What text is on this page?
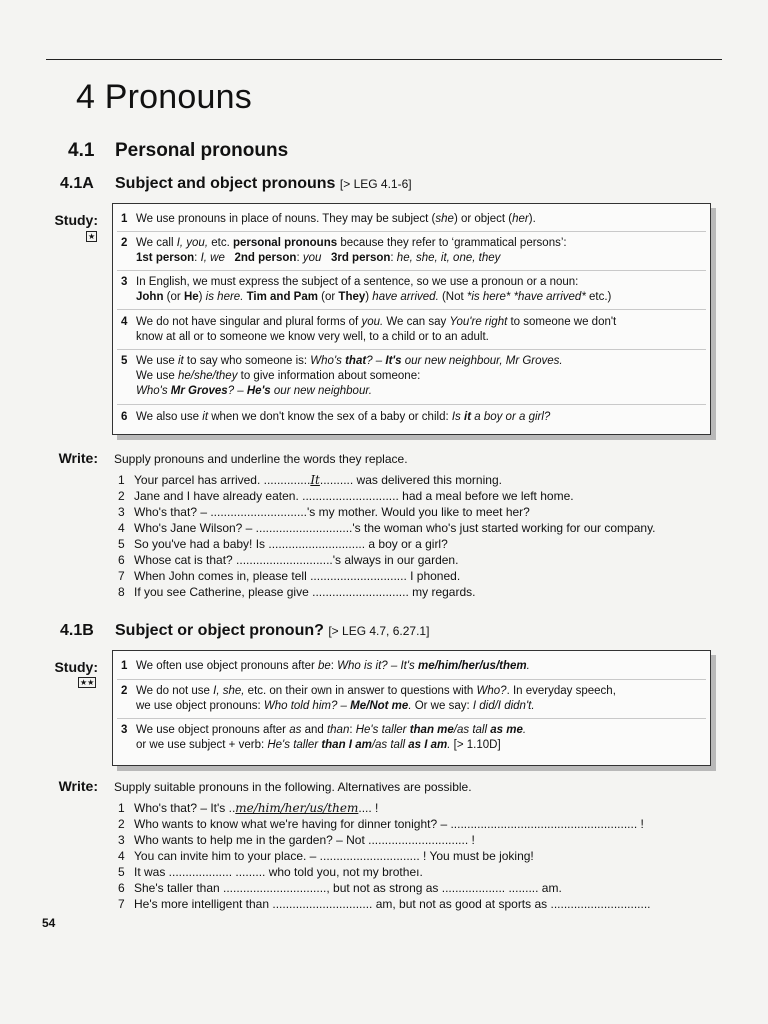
4 Pronouns
4.1 Personal pronouns
4.1A Subject and object pronouns [> LEG 4.1-6]
Study:
★
1 We use pronouns in place of nouns. They may be subject (she) or object (her).
2 We call I, you, etc. personal pronouns because they refer to ‘grammatical persons’:
1st person: I, we 2nd person: you 3rd person: he, she, it, one, they
3 In English, we must express the subject of a sentence, so we use a pronoun or a noun:
John (or He) is here. Tim and Pam (or They) have arrived. (Not *is here* *have arrived* etc.)
4 We do not have singular and plural forms of you. We can say You're right to someone we don't
know at all or to someone we know very well, to a child or to an adult.
5 We use it to say who someone is: Who's that? – It's our new neighbour, Mr Groves.
We use he/she/they to give information about someone:
Who's Mr Groves? – He's our new neighbour.
6 We also use it when we don't know the sex of a baby or child: Is it a boy or a girl?
Write: Supply pronouns and underline the words they replace.
1 Your parcel has arrived. ..............It.......... was delivered this morning.
2 Jane and I have already eaten. ............................. had a meal before we left home.
3 Who's that? – .............................'s my mother. Would you like to meet her?
4 Who's Jane Wilson? – .............................'s the woman who's just started working for our company.
5 So you've had a baby! Is ............................. a boy or a girl?
6 Whose cat is that? .............................'s always in our garden.
7 When John comes in, please tell ............................. I phoned.
8 If you see Catherine, please give ............................. my regards.
4.1B Subject or object pronoun? [> LEG 4.7, 6.27.1]
Study:
★★
1 We often use object pronouns after be: Who is it? – It's me/him/her/us/them.
2 We do not use I, she, etc. on their own in answer to questions with Who?. In everyday speech,
we use object pronouns: Who told him? – Me/Not me. Or we say: I did/I didn't.
3 We use object pronouns after as and than: He's taller than me/as tall as me.
or we use subject + verb: He's taller than I am/as tall as I am. [> 1.10D]
Write: Supply suitable pronouns in the following. Alternatives are possible.
1 Who's that? – It's ..me/him/her/us/them.... !
2 Who wants to know what we're having for dinner tonight? – ........................................................ !
3 Who wants to help me in the garden? – Not .............................. !
4 You can invite him to your place. – .............................. ! You must be joking!
5 It was ................... ......... who told you, not my brotheı.
6 She's taller than ..............................., but not as strong as ................... ......... am.
7 He's more intelligent than .............................. am, but not as good at sports as ..............................
54
